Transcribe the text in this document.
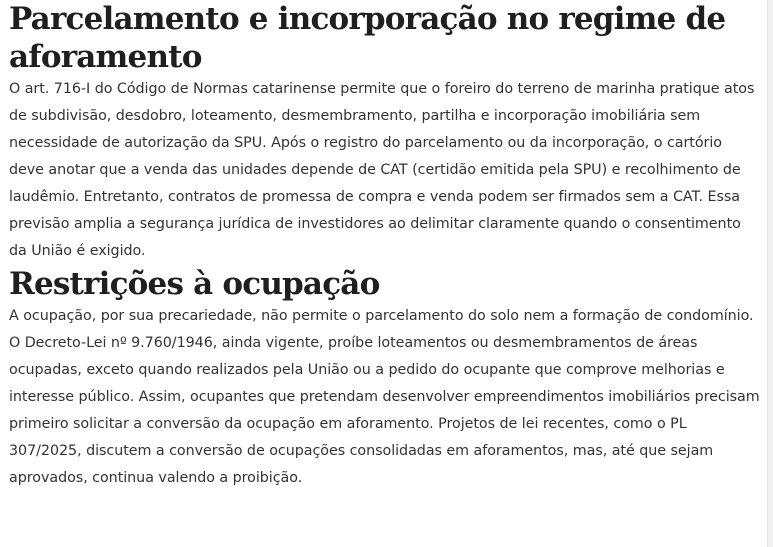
Parcelamento e incorporação no regime de aforamento

O art. 716-I do Código de Normas catarinense permite que o foreiro do terreno de marinha pratique atos de subdivisão, desdobro, loteamento, desmembramento, partilha e incorporação imobiliária sem necessidade de autorização da SPU. Após o registro do parcelamento ou da incorporação, o cartório deve anotar que a venda das unidades depende de CAT (certidão emitida pela SPU) e recolhimento de laudêmio. Entretanto, contratos de promessa de compra e venda podem ser firmados sem a CAT. Essa previsão amplia a segurança jurídica de investidores ao delimitar claramente quando o consentimento da União é exigido.

Restrições à ocupação

A ocupação, por sua precariedade, não permite o parcelamento do solo nem a formação de condomínio. O Decreto-Lei nº 9.760/1946, ainda vigente, proíbe loteamentos ou desmembramentos de áreas ocupadas, exceto quando realizados pela União ou a pedido do ocupante que comprove melhorias e interesse público. Assim, ocupantes que pretendam desenvolver empreendimentos imobiliários precisam primeiro solicitar a conversão da ocupação em aforamento. Projetos de lei recentes, como o PL 307/2025, discutem a conversão de ocupações consolidadas em aforamentos, mas, até que sejam aprovados, continua valendo a proibição.
